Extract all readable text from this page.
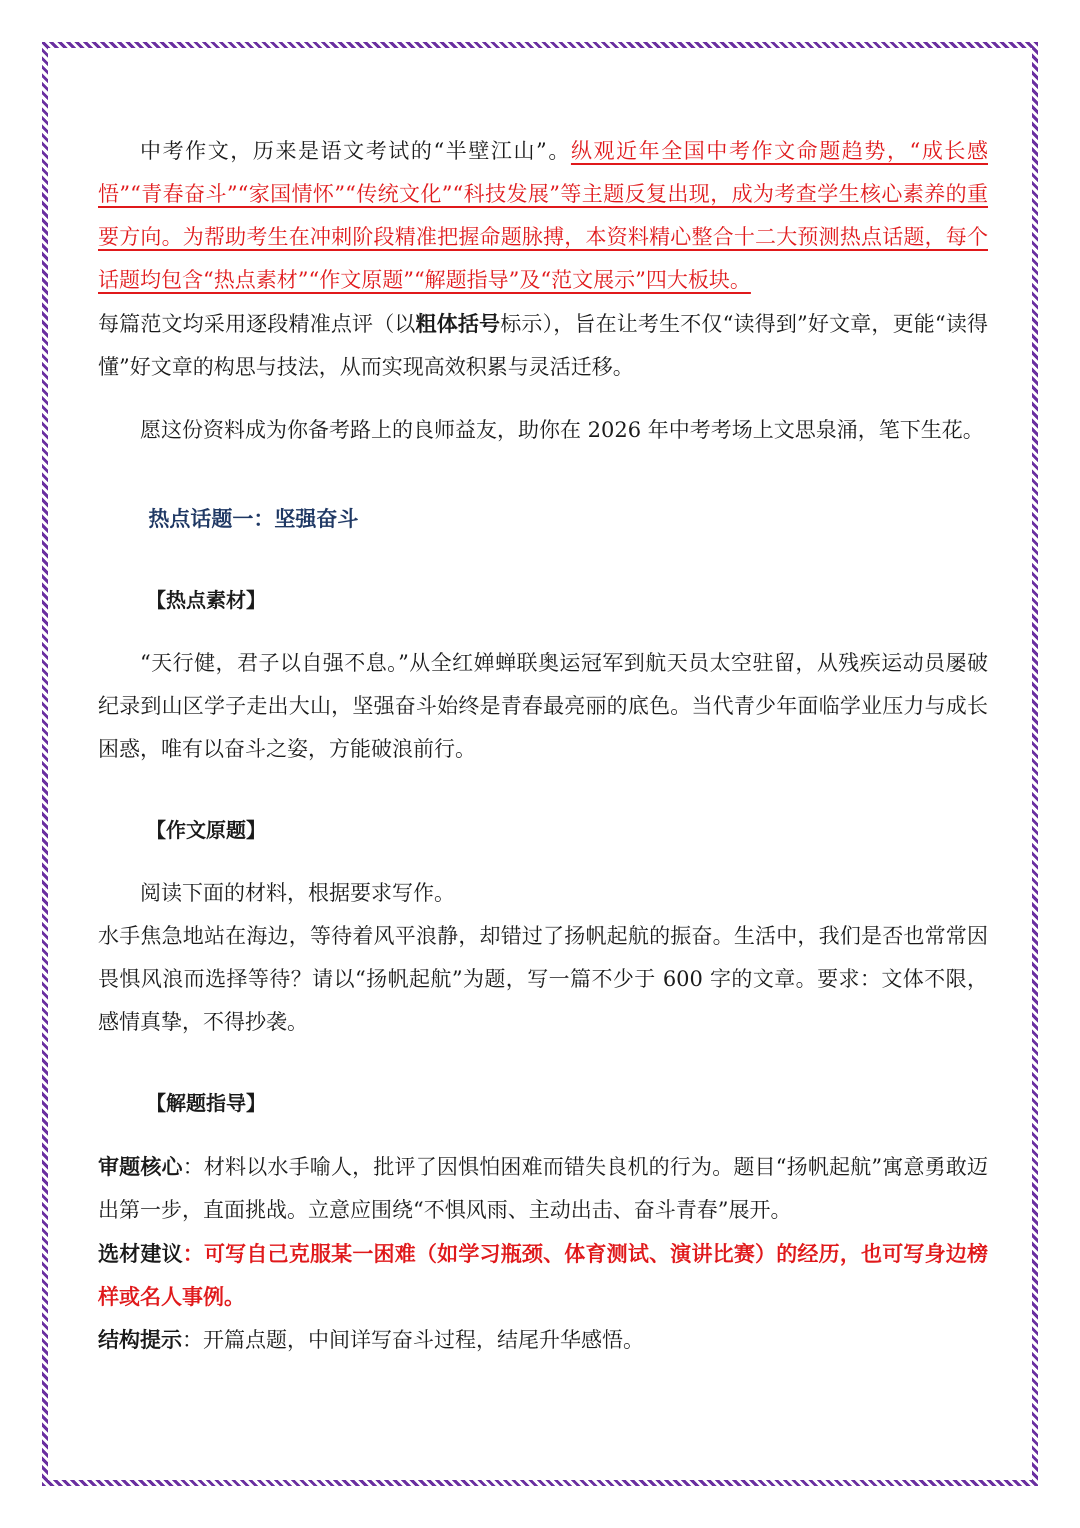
中考作文，历来是语文考试的“半壁江山”。纵观近年全国中考作文命题趋势，“成长感悟”“青春奋斗”“家国情怀”“传统文化”“科技发展”等主题反复出现，成为考查学生核心素养的重要方向。为帮助考生在冲刺阶段精准把握命题脉搏，本资料精心整合十二大预测热点话题，每个话题均包含“热点素材”“作文原题”“解题指导”及“范文展示”四大板块。

每篇范文均采用逐段精准点评（以粗体括号标示），旨在让考生不仅“读得到”好文章，更能“读得懂”好文章的构思与技法，从而实现高效积累与灵活迁移。

愿这份资料成为你备考路上的良师益友，助你在 2026 年中考考场上文思泉涌，笔下生花。

热点话题一：坚强奋斗

【热点素材】

“天行健，君子以自强不息。”从全红婵蝉联奥运冠军到航天员太空驻留，从残疾运动员屡破纪录到山区学子走出大山，坚强奋斗始终是青春最亮丽的底色。当代青少年面临学业压力与成长困惑，唯有以奋斗之姿，方能破浪前行。

【作文原题】

阅读下面的材料，根据要求写作。

水手焦急地站在海边，等待着风平浪静，却错过了扬帆起航的振奋。生活中，我们是否也常常因畏惧风浪而选择等待？请以“扬帆起航”为题，写一篇不少于 600 字的文章。要求：文体不限，感情真挚，不得抄袭。

【解题指导】

审题核心：材料以水手喻人，批评了因惧怕困难而错失良机的行为。题目“扬帆起航”寓意勇敢迈出第一步，直面挑战。立意应围绕“不惧风雨、主动出击、奋斗青春”展开。

选材建议：可写自己克服某一困难（如学习瓶颈、体育测试、演讲比赛）的经历，也可写身边榜样或名人事例。

结构提示：开篇点题，中间详写奋斗过程，结尾升华感悟。
